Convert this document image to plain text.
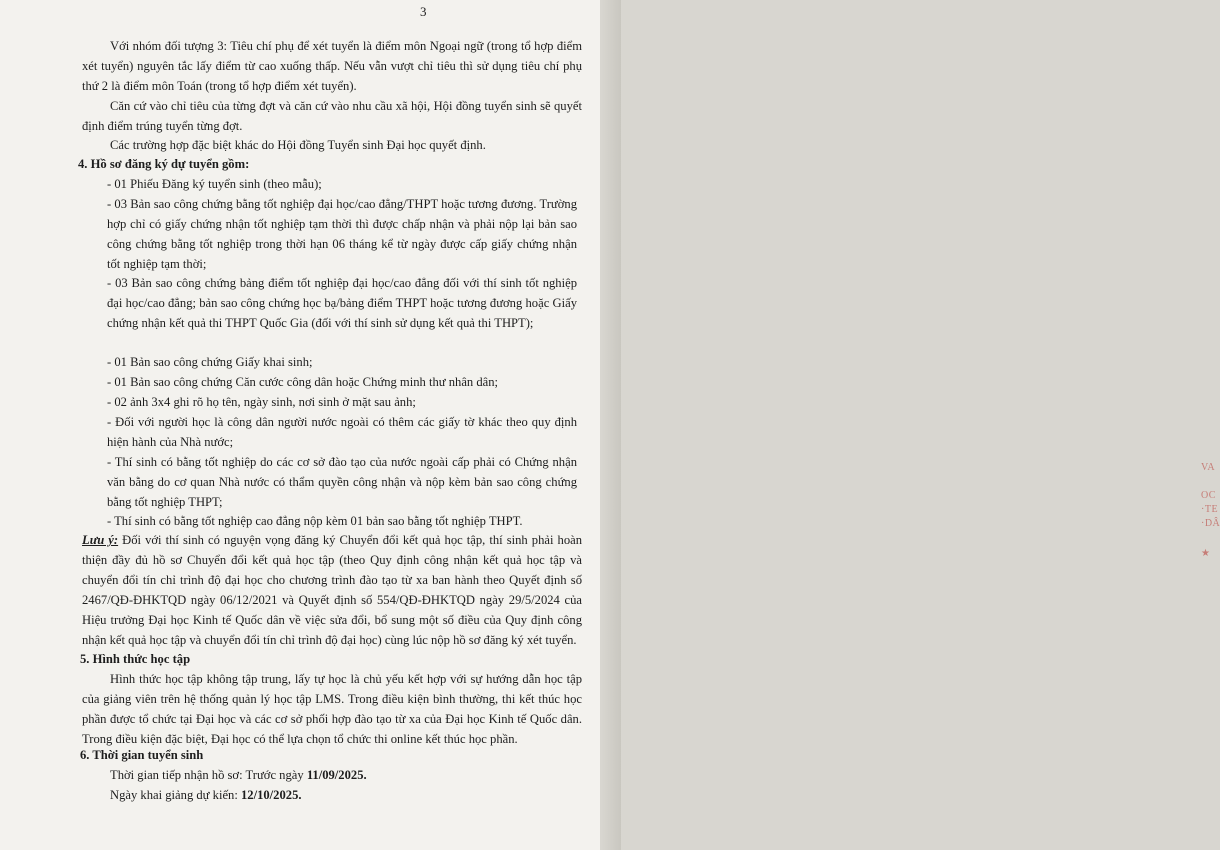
3

Với nhóm đối tượng 3: Tiêu chí phụ để xét tuyển là điểm môn Ngoại ngữ (trong tổ hợp điểm xét tuyển) nguyên tắc lấy điểm từ cao xuống thấp. Nếu vẫn vượt chỉ tiêu thì sử dụng tiêu chí phụ thứ 2 là điểm môn Toán (trong tổ hợp điểm xét tuyển).

Căn cứ vào chỉ tiêu của từng đợt và căn cứ vào nhu cầu xã hội, Hội đồng tuyển sinh sẽ quyết định điểm trúng tuyển từng đợt.

Các trường hợp đặc biệt khác do Hội đồng Tuyển sinh Đại học quyết định.

4. Hồ sơ đăng ký dự tuyển gồm:

- 01 Phiếu Đăng ký tuyển sinh (theo mẫu);

- 03 Bản sao công chứng bằng tốt nghiệp đại học/cao đẳng/THPT hoặc tương đương. Trường hợp chỉ có giấy chứng nhận tốt nghiệp tạm thời thì được chấp nhận và phải nộp lại bản sao công chứng bằng tốt nghiệp trong thời hạn 06 tháng kể từ ngày được cấp giấy chứng nhận tốt nghiệp tạm thời;

- 03 Bản sao công chứng bảng điểm tốt nghiệp đại học/cao đẳng đối với thí sinh tốt nghiệp đại học/cao đẳng; bản sao công chứng học bạ/bảng điểm THPT hoặc tương đương hoặc Giấy chứng nhận kết quả thi THPT Quốc Gia (đối với thí sinh sử dụng kết quả thi THPT);

- 01 Bản sao công chứng Giấy khai sinh;

- 01 Bản sao công chứng Căn cước công dân hoặc Chứng minh thư nhân dân;

- 02 ảnh 3x4 ghi rõ họ tên, ngày sinh, nơi sinh ở mặt sau ảnh;

- Đối với người học là công dân người nước ngoài có thêm các giấy tờ khác theo quy định hiện hành của Nhà nước;

- Thí sinh có bằng tốt nghiệp do các cơ sở đào tạo của nước ngoài cấp phải có Chứng nhận văn bằng do cơ quan Nhà nước có thẩm quyền công nhận và nộp kèm bản sao công chứng bằng tốt nghiệp THPT;

- Thí sinh có bằng tốt nghiệp cao đẳng nộp kèm 01 bản sao bằng tốt nghiệp THPT.

Lưu ý: Đối với thí sinh có nguyện vọng đăng ký Chuyển đổi kết quả học tập, thí sinh phải hoàn thiện đầy đủ hồ sơ Chuyển đổi kết quả học tập (theo Quy định công nhận kết quả học tập và chuyển đổi tín chỉ trình độ đại học cho chương trình đào tạo từ xa ban hành theo Quyết định số 2467/QĐ-ĐHKTQD ngày 06/12/2021 và Quyết định số 554/QĐ-ĐHKTQD ngày 29/5/2024 của Hiệu trưởng Đại học Kinh tế Quốc dân về việc sửa đổi, bổ sung một số điều của Quy định công nhận kết quả học tập và chuyển đổi tín chỉ trình độ đại học) cùng lúc nộp hồ sơ đăng ký xét tuyển.

5. Hình thức học tập

Hình thức học tập không tập trung, lấy tự học là chủ yếu kết hợp với sự hướng dẫn học tập của giảng viên trên hệ thống quản lý học tập LMS. Trong điều kiện bình thường, thi kết thúc học phần được tổ chức tại Đại học và các cơ sở phối hợp đào tạo từ xa của Đại học Kinh tế Quốc dân. Trong điều kiện đặc biệt, Đại học có thể lựa chọn tổ chức thi online kết thúc học phần.

6. Thời gian tuyển sinh

Thời gian tiếp nhận hồ sơ: Trước ngày 11/09/2025.

Ngày khai giảng dự kiến: 12/10/2025.

VA
OC
·TE
·DÂ
★
